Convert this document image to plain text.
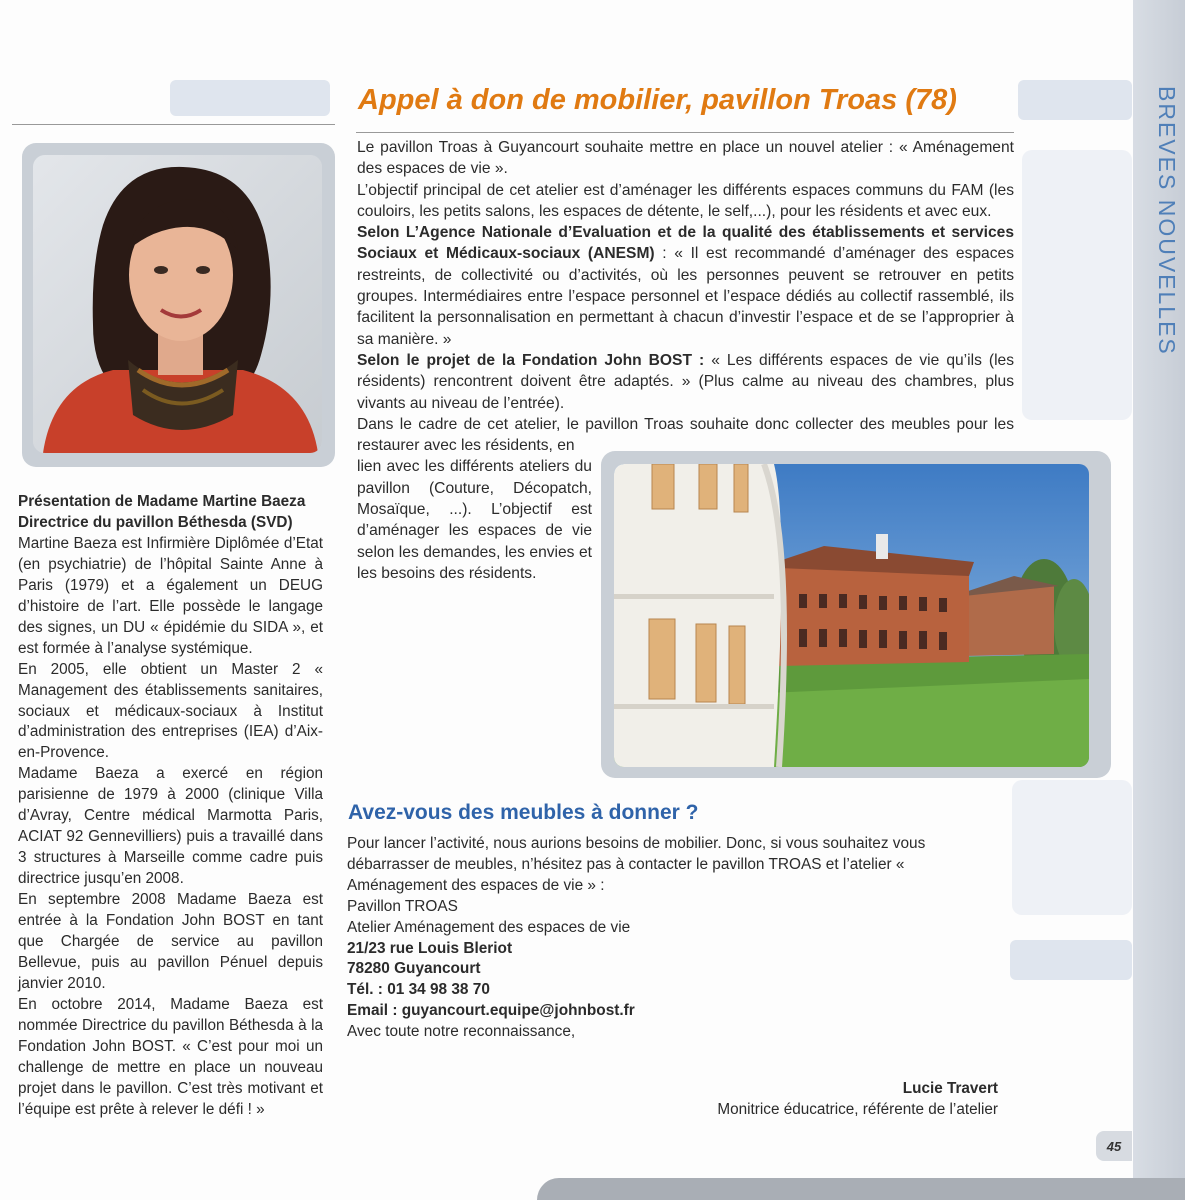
BREVES NOUVELLES
Appel à don de mobilier, pavillon Troas (78)

Le pavillon Troas à Guyancourt souhaite mettre en place un nouvel atelier : « Aménagement des espaces de vie ».

L’objectif principal de cet atelier est d’aménager les différents espaces communs du FAM (les couloirs, les petits salons, les espaces de détente, le self,...), pour les résidents et avec eux.

Selon L’Agence Nationale d’Evaluation et de la qualité des établissements et services Sociaux et Médicaux-sociaux (ANESM) : « Il est recommandé d’aménager des espaces restreints, de collectivité ou d’activités, où les personnes peuvent se retrouver en petits groupes. Intermédiaires entre l’espace personnel et l’espace dédiés au collectif rassemblé, ils facilitent la personnalisation en permettant à chacun d’investir l’espace et de se l’approprier à sa manière. »

Selon le projet de la Fondation John BOST : « Les différents espaces de vie qu’ils (les résidents) rencontrent doivent être adaptés. » (Plus calme au niveau des chambres, plus vivants au niveau de l’entrée).

Dans le cadre de cet atelier, le pavillon Troas souhaite donc collecter des meubles pour les restaurer avec les résidents, en

lien avec les différents ateliers du pavillon (Couture, Décopatch, Mosaïque, ...). L’objectif est d’aménager les espaces de vie selon les demandes, les envies et les besoins des résidents.

Présentation de Madame Martine Baeza

Directrice du pavillon Béthesda (SVD)

Martine Baeza est Infirmière Diplômée d’Etat (en psychiatrie) de l’hôpital Sainte Anne à Paris (1979) et a également un DEUG d’histoire de l’art. Elle possède le langage des signes, un DU « épidémie du SIDA », et est formée à l’analyse systémique.

En 2005, elle obtient un Master 2 « Management des établissements sanitaires, sociaux et médicaux-sociaux à Institut d’administration des entreprises (IEA) d’Aix-en-Provence.

Madame Baeza a exercé en région parisienne de 1979 à 2000 (clinique Villa d’Avray, Centre médical Marmotta Paris, ACIAT 92 Gennevilliers) puis a travaillé dans 3 structures à Marseille comme cadre puis directrice jusqu’en 2008.

En septembre 2008 Madame Baeza est entrée à la Fondation John BOST en tant que Chargée de service au pavillon Bellevue, puis au pavillon Pénuel depuis janvier 2010.

En octobre 2014, Madame Baeza est nommée Directrice du pavillon Béthesda à la Fondation John BOST. « C’est pour moi un challenge de mettre en place un nouveau projet dans le pavillon. C’est très motivant et l’équipe est prête à relever le défi ! »

Avez-vous des meubles à donner ?

Pour lancer l’activité, nous aurions besoins de mobilier. Donc, si vous souhaitez vous débarrasser de meubles, n’hésitez pas à contacter le pavillon TROAS et l’atelier « Aménagement des espaces de vie » :

Pavillon TROAS

Atelier Aménagement des espaces de vie

21/23 rue Louis Bleriot

78280 Guyancourt

Tél. : 01 34 98 38 70

Email : guyancourt.equipe@johnbost.fr

Avec toute notre reconnaissance,

Lucie Travert
Monitrice éducatrice, référente de l’atelier
45
